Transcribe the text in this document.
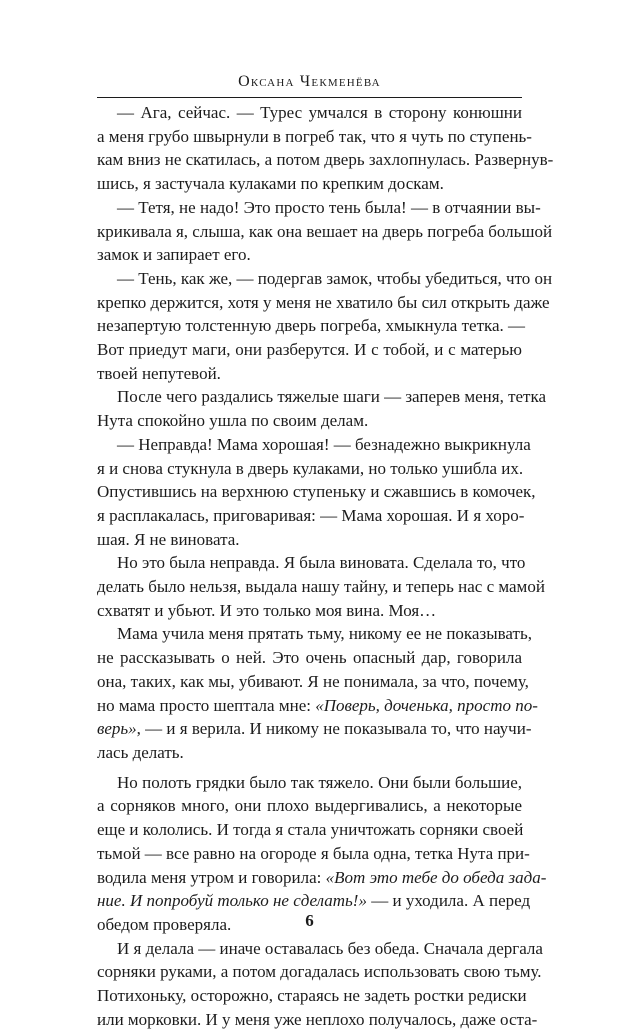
Оксана Чекменёва
— Ага, сейчас. — Турес умчался в сторону конюшни
а меня грубо швырнули в погреб так, что я чуть по ступень-
кам вниз не скатилась, а потом дверь захлопнулась. Развернув-
шись, я застучала кулаками по крепким доскам.
— Тетя, не надо! Это просто тень была! — в отчаянии вы-
крикивала я, слыша, как она вешает на дверь погреба большой
замок и запирает его.
— Тень, как же, — подергав замок, чтобы убедиться, что он
крепко держится, хотя у меня не хватило бы сил открыть даже
незапертую толстенную дверь погреба, хмыкнула тетка. —
Вот приедут маги, они разберутся. И с тобой, и с матерью
твоей непутевой.
После чего раздались тяжелые шаги — заперев меня, тетка
Нута спокойно ушла по своим делам.
— Неправда! Мама хорошая! — безнадежно выкрикнула
я и снова стукнула в дверь кулаками, но только ушибла их.
Опустившись на верхнюю ступеньку и сжавшись в комочек,
я расплакалась, приговаривая: — Мама хорошая. И я хоро-
шая. Я не виновата.
Но это была неправда. Я была виновата. Сделала то, что
делать было нельзя, выдала нашу тайну, и теперь нас с мамой
схватят и убьют. И это только моя вина. Моя…
Мама учила меня прятать тьму, никому ее не показывать,
не рассказывать о ней. Это очень опасный дар, говорила
она, таких, как мы, убивают. Я не понимала, за что, почему,
но мама просто шептала мне: «Поверь, доченька, просто по-
верь», — и я верила. И никому не показывала то, что научи-
лась делать.
Но полоть грядки было так тяжело. Они были большие,
а сорняков много, они плохо выдергивались, а некоторые
еще и кололись. И тогда я стала уничтожать сорняки своей
тьмой — все равно на огороде я была одна, тетка Нута при-
водила меня утром и говорила: «Вот это тебе до обеда зада-
ние. И попробуй только не сделать!» — и уходила. А перед
обедом проверяла.
И я делала — иначе оставалась без обеда. Сначала дергала
сорняки руками, а потом догадалась использовать свою тьму.
Потихоньку, осторожно, стараясь не задеть ростки редиски
или морковки. И у меня уже неплохо получалось, даже оста-
6
